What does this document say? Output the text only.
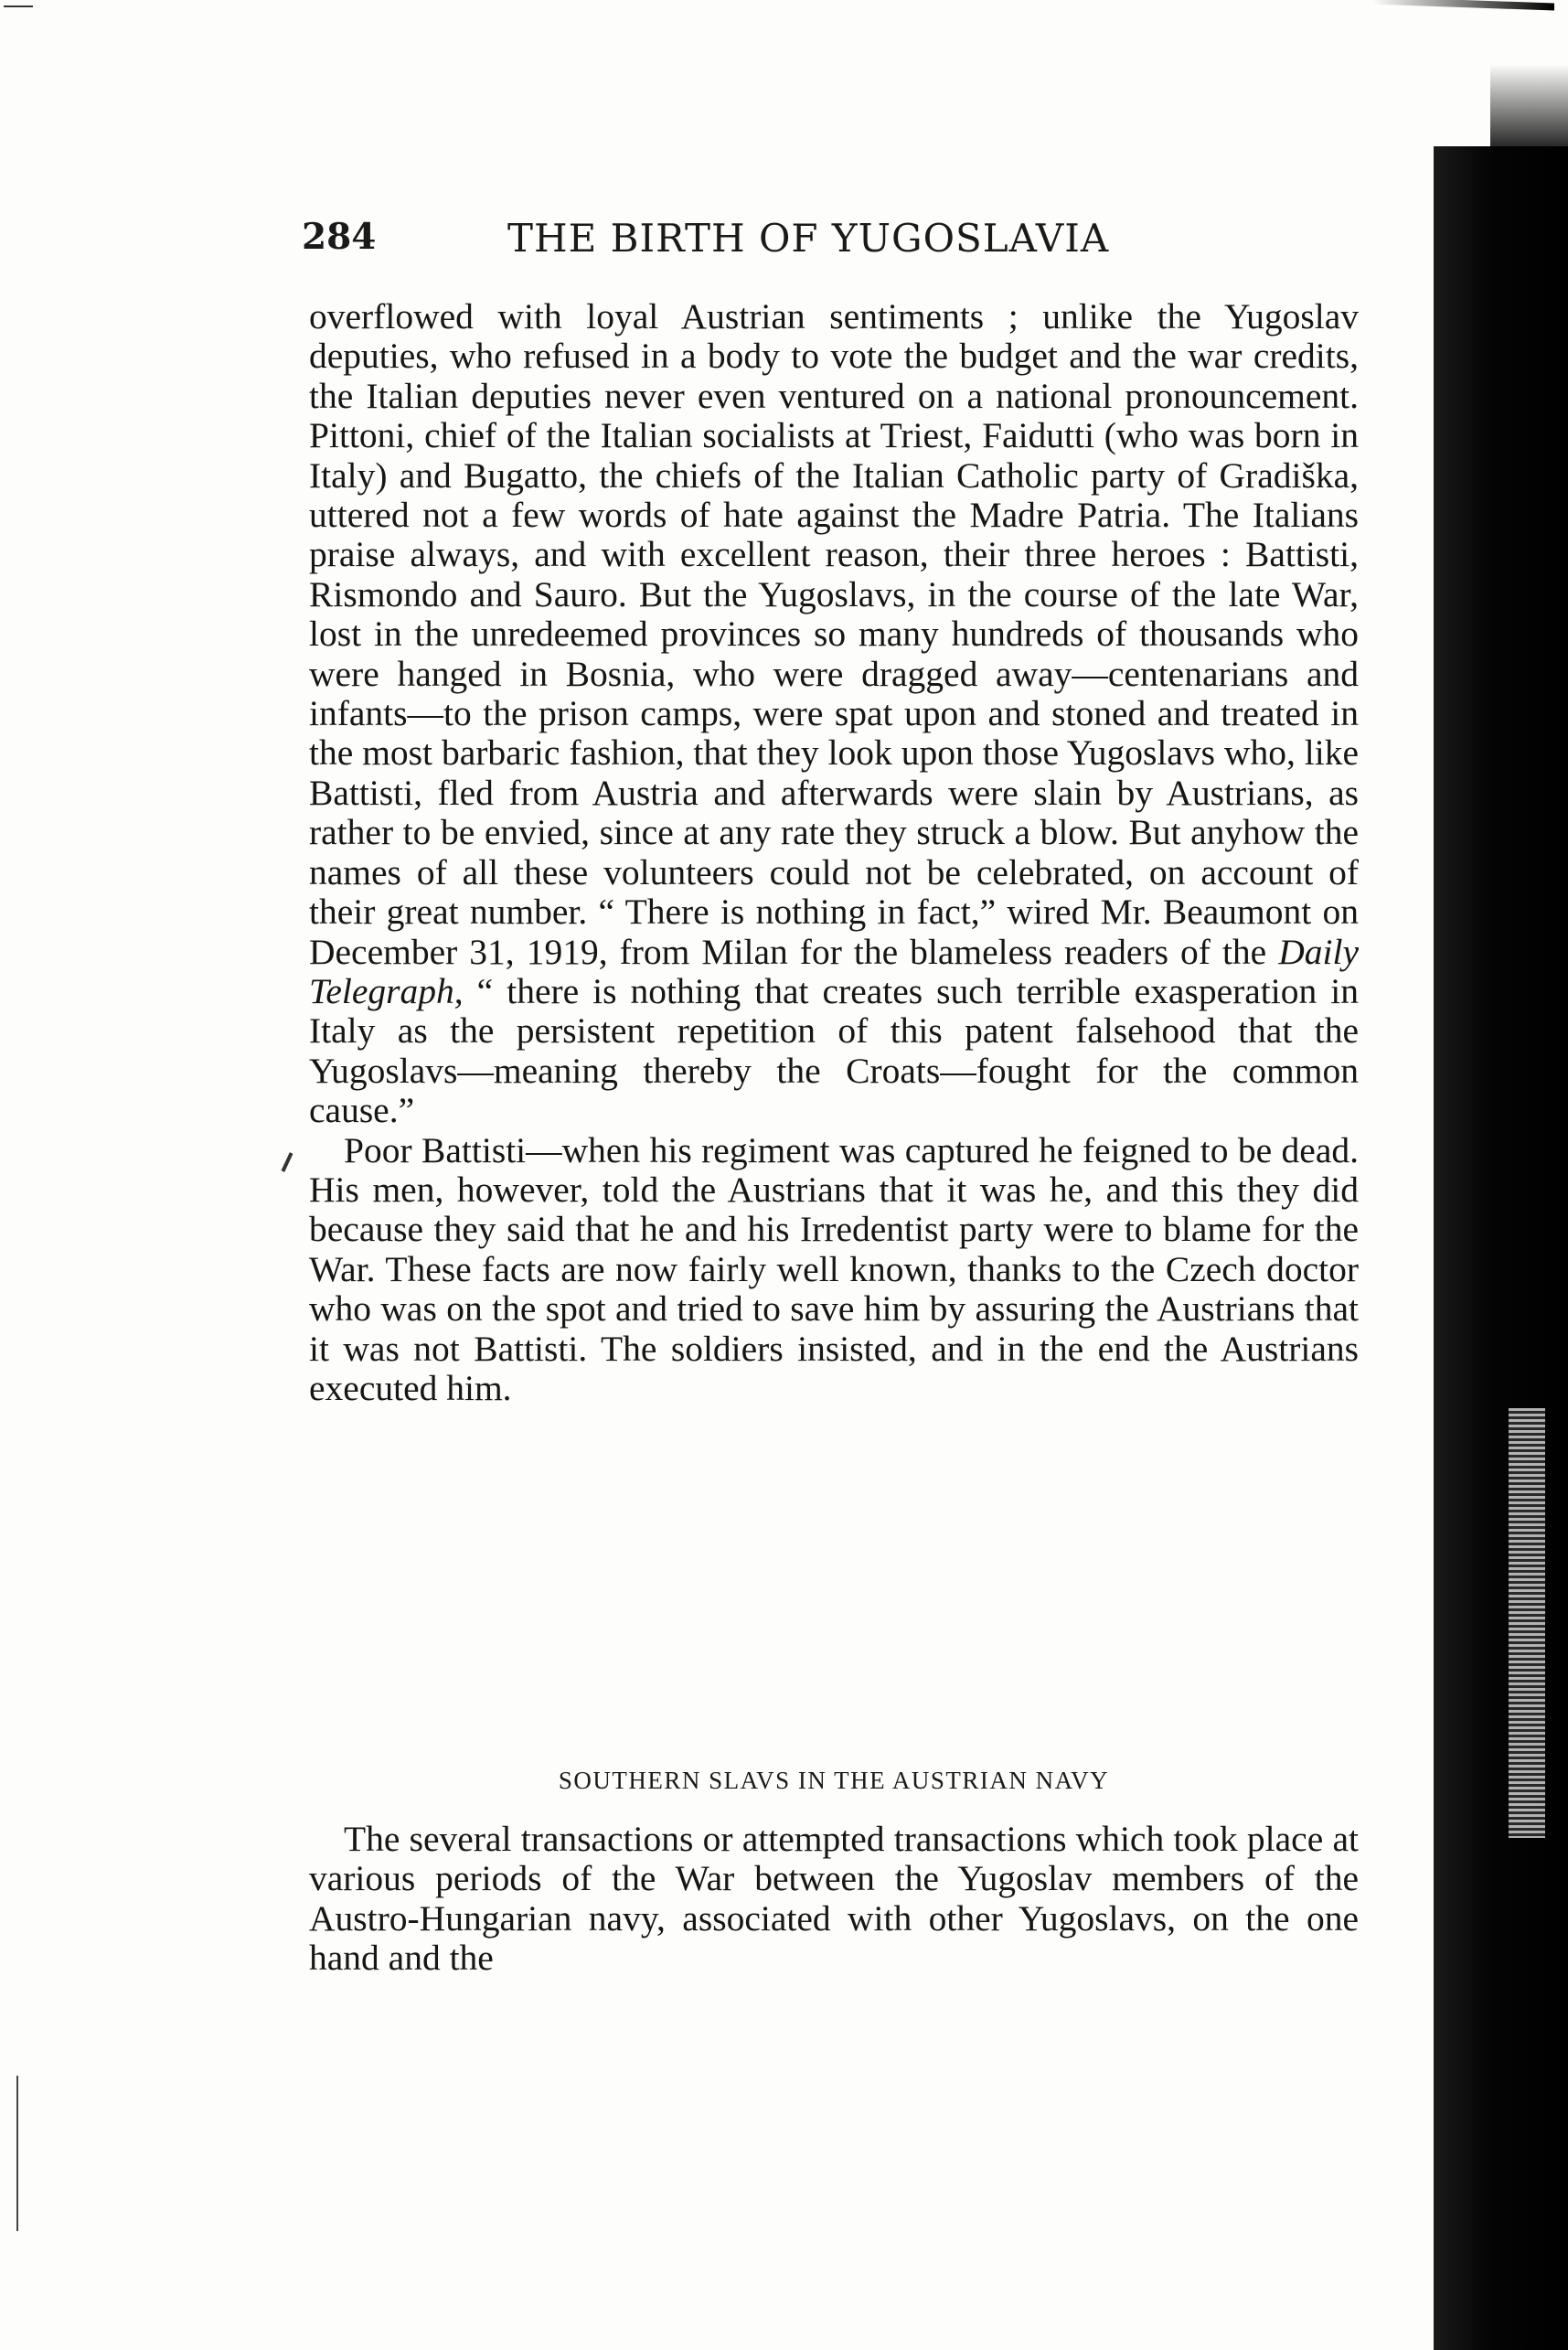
284	THE BIRTH OF YUGOSLAVIA

overflowed with loyal Austrian sentiments ; unlike the Yugoslav deputies, who refused in a body to vote the budget and the war credits, the Italian deputies never even ventured on a national pronouncement. Pittoni, chief of the Italian socialists at Triest, Faidutti (who was born in Italy) and Bugatto, the chiefs of the Italian Catholic party of Gradiška, uttered not a few words of hate against the Madre Patria. The Italians praise always, and with excellent reason, their three heroes : Battisti, Rismondo and Sauro. But the Yugoslavs, in the course of the late War, lost in the unredeemed provinces so many hundreds of thousands who were hanged in Bosnia, who were dragged away—centenarians and infants—to the prison camps, were spat upon and stoned and treated in the most barbaric fashion, that they look upon those Yugoslavs who, like Battisti, fled from Austria and afterwards were slain by Austrians, as rather to be envied, since at any rate they struck a blow. But anyhow the names of all these volunteers could not be celebrated, on account of their great number. “ There is nothing in fact,” wired Mr. Beaumont on December 31, 1919, from Milan for the blameless readers of the Daily Telegraph, “ there is nothing that creates such terrible exasperation in Italy as the persistent repetition of this patent falsehood that the Yugoslavs—meaning thereby the Croats—fought for the common cause.”

Poor Battisti—when his regiment was captured he feigned to be dead. His men, however, told the Austrians that it was he, and this they did because they said that he and his Irredentist party were to blame for the War. These facts are now fairly well known, thanks to the Czech doctor who was on the spot and tried to save him by assuring the Austrians that it was not Battisti. The soldiers insisted, and in the end the Austrians executed him.

SOUTHERN SLAVS IN THE AUSTRIAN NAVY

The several transactions or attempted transactions which took place at various periods of the War between the Yugoslav members of the Austro-Hungarian navy, associated with other Yugoslavs, on the one hand and the
